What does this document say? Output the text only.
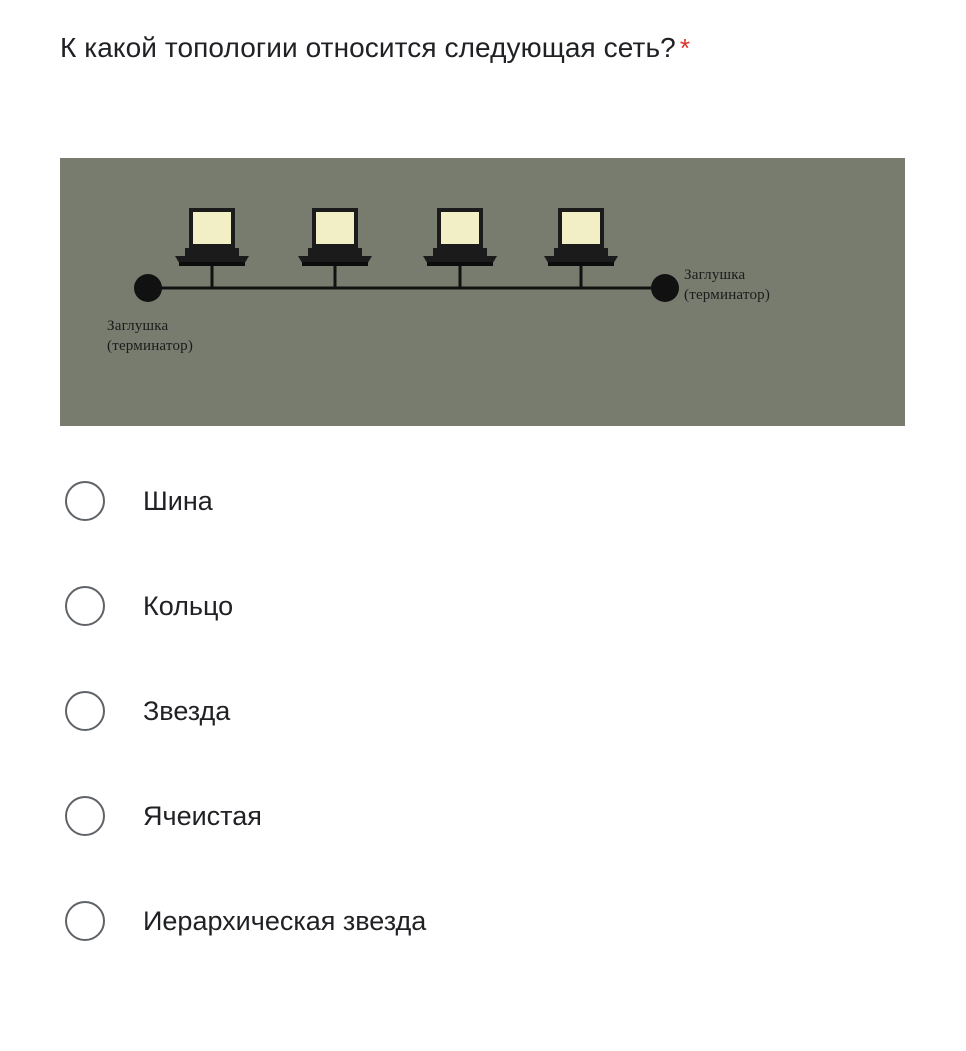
К какой топологии относится следующая сеть? *
Заглушка
(терминатор)
Заглушка
(терминатор)
Шина
Кольцо
Звезда
Ячеистая
Иерархическая звезда
